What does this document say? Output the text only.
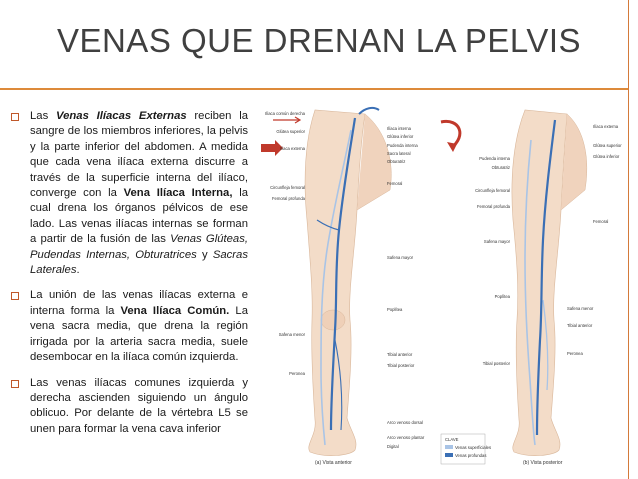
VENAS QUE DRENAN LA PELVIS
Las Venas Ilíacas Externas reciben la sangre de los miembros inferiores, la pelvis y la parte inferior del abdomen. A medida que cada vena ilíaca externa discurre a través de la superficie interna del ilíaco, converge con la Vena Ilíaca Interna, la cual drena los órganos pélvicos de ese lado. Las venas ilíacas internas se forman a partir de la fusión de las Venas Glúteas, Pudendas Internas, Obturatrices y Sacras Laterales.
La unión de las venas ilíacas externa e interna forma la Vena Ilíaca Común. La vena sacra media, que drena la región irrigada por la arteria sacra media, suele desembocar en la ilíaca común izquierda.
Las venas ilíacas comunes izquierda y derecha ascienden siguiendo un ángulo oblicuo. Por delante de la vértebra L5 se unen para formar la vena cava inferior
Ilíaca común derecha
Glútea superior
Ilíaca externa
Circunfleja femoral
Femoral profunda
Safena menor
Peronea
Ilíaca interna
Glútea inferior
Pudenda interna
Sacra lateral
Obturatriz
Femoral
Safena mayor
Poplítea
Tibial anterior
Tibial posterior
Arco venoso dorsal
Arco venoso plantar
Digital
Pudenda interna
Obturatriz
Circunfleja femoral
Femoral profunda
Safena mayor
Poplítea
Tibial posterior
Ilíaca externa
Glútea superior
Glútea inferior
Femoral
Safena menor
Tibial anterior
Peronea
CLAVE
Venas superficiales
Venas profundas
(a) Vista anterior	(b) Vista posterior
